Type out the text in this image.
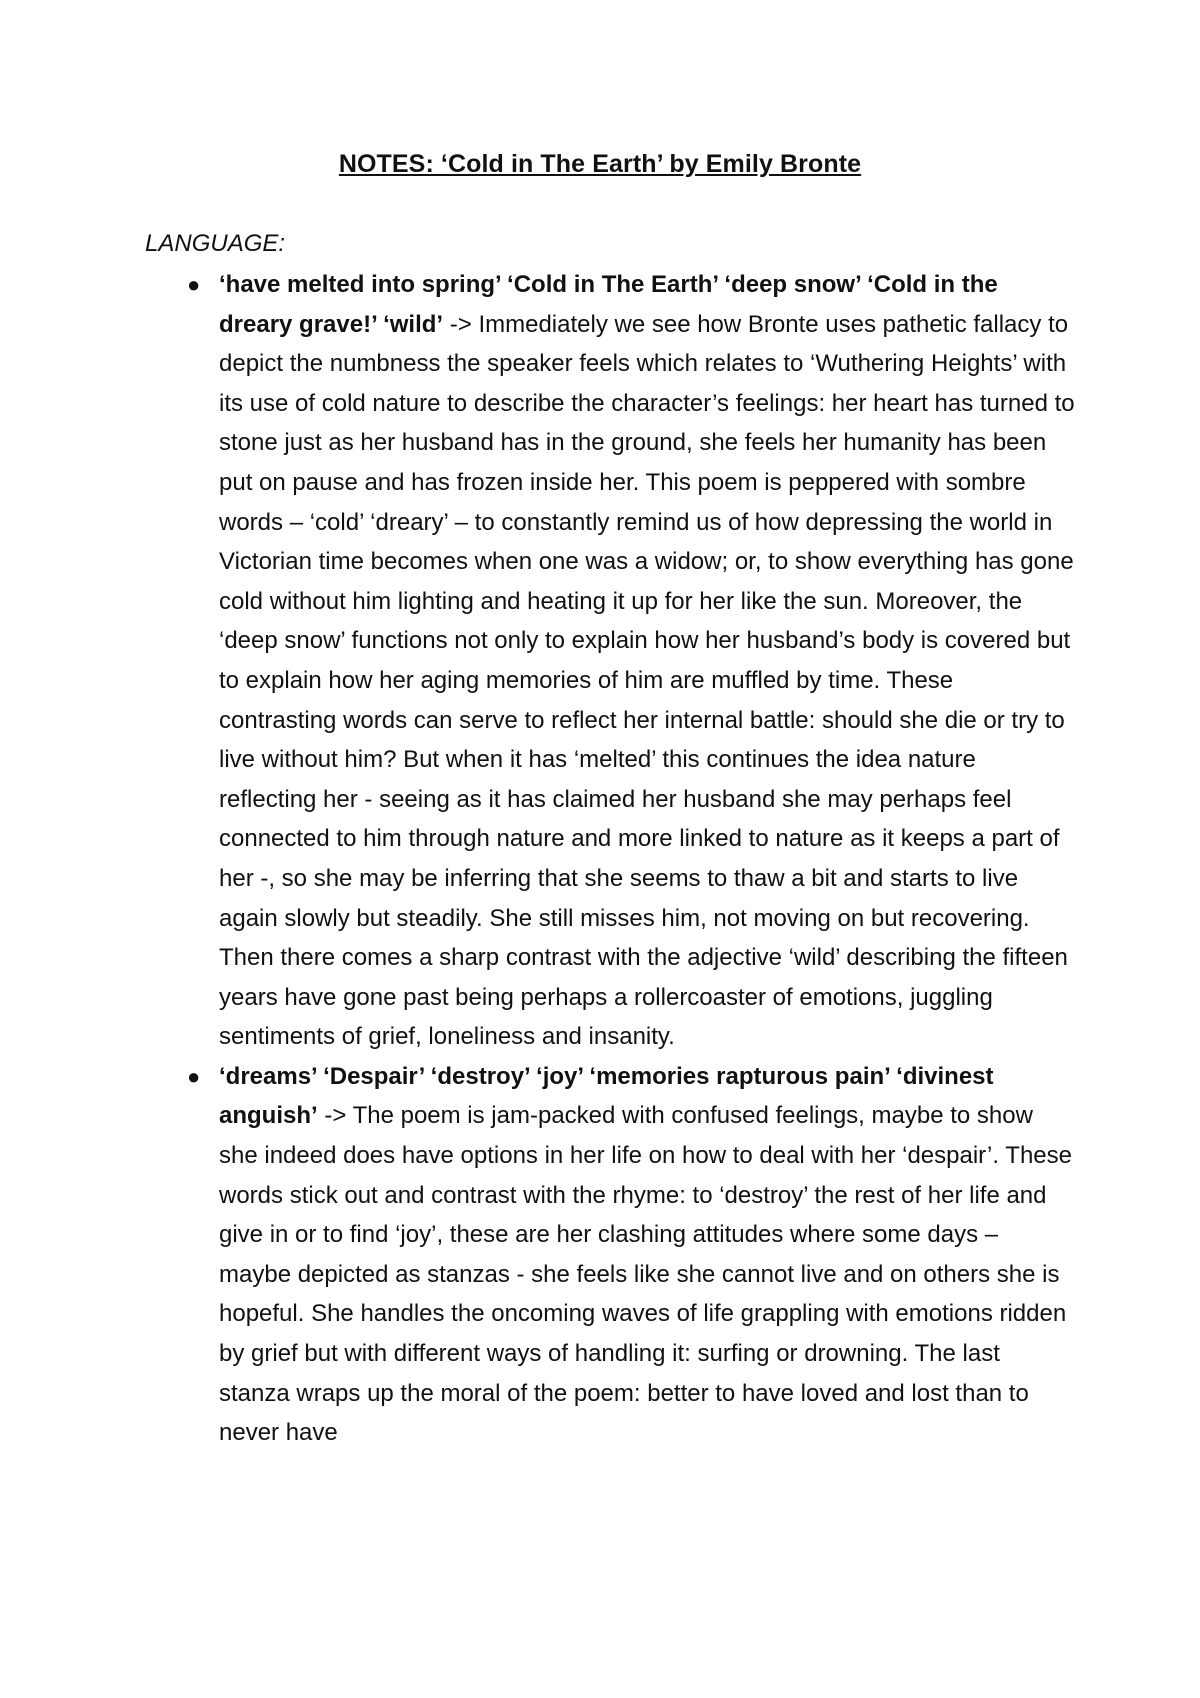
NOTES: ‘Cold in The Earth’ by Emily Bronte
LANGUAGE:
● ‘have melted into spring’ ‘Cold in The Earth’ ‘deep snow’ ‘Cold in the dreary grave!’ ‘wild’ -> Immediately we see how Bronte uses pathetic fallacy to depict the numbness the speaker feels which relates to ‘Wuthering Heights’ with its use of cold nature to describe the character’s feelings: her heart has turned to stone just as her husband has in the ground, she feels her humanity has been put on pause and has frozen inside her. This poem is peppered with sombre words – ‘cold’ ‘dreary’ – to constantly remind us of how depressing the world in Victorian time becomes when one was a widow; or, to show everything has gone cold without him lighting and heating it up for her like the sun. Moreover, the ‘deep snow’ functions not only to explain how her husband’s body is covered but to explain how her aging memories of him are muffled by time. These contrasting words can serve to reflect her internal battle: should she die or try to live without him? But when it has ‘melted’ this continues the idea nature reflecting her - seeing as it has claimed her husband she may perhaps feel connected to him through nature and more linked to nature as it keeps a part of her -, so she may be inferring that she seems to thaw a bit and starts to live again slowly but steadily. She still misses him, not moving on but recovering. Then there comes a sharp contrast with the adjective ‘wild’ describing the fifteen years have gone past being perhaps a rollercoaster of emotions, juggling sentiments of grief, loneliness and insanity.
● ‘dreams’ ‘Despair’ ‘destroy’ ‘joy’ ‘memories rapturous pain’ ‘divinest anguish’ -> The poem is jam-packed with confused feelings, maybe to show she indeed does have options in her life on how to deal with her ‘despair’. These words stick out and contrast with the rhyme: to ‘destroy’ the rest of her life and give in or to find ‘joy’, these are her clashing attitudes where some days – maybe depicted as stanzas - she feels like she cannot live and on others she is hopeful. She handles the oncoming waves of life grappling with emotions ridden by grief but with different ways of handling it: surfing or drowning. The last stanza wraps up the moral of the poem: better to have loved and lost than to never have
